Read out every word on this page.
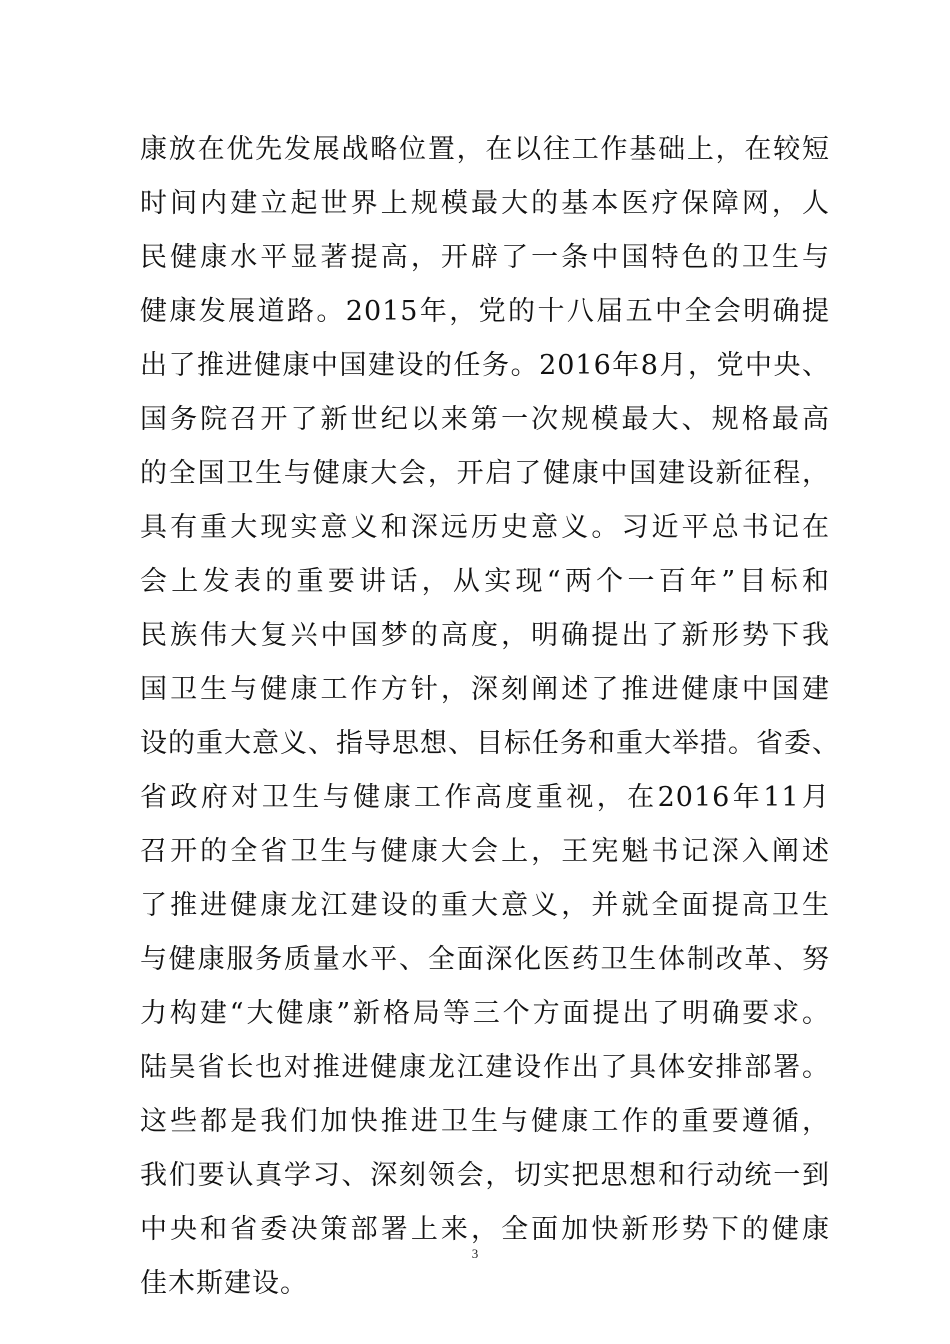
康放在优先发展战略位置，在以往工作基础上，在较短
时间内建立起世界上规模最大的基本医疗保障网，人
民健康水平显著提高，开辟了一条中国特色的卫生与
健康发展道路。2015年，党的十八届五中全会明确提
出了推进健康中国建设的任务。2016年8月，党中央、
国务院召开了新世纪以来第一次规模最大、规格最高
的全国卫生与健康大会，开启了健康中国建设新征程，
具有重大现实意义和深远历史意义。习近平总书记在
会上发表的重要讲话，从实现“两个一百年”目标和
民族伟大复兴中国梦的高度，明确提出了新形势下我
国卫生与健康工作方针，深刻阐述了推进健康中国建
设的重大意义、指导思想、目标任务和重大举措。省委、
省政府对卫生与健康工作高度重视，在2016年11月
召开的全省卫生与健康大会上，王宪魁书记深入阐述
了推进健康龙江建设的重大意义，并就全面提高卫生
与健康服务质量水平、全面深化医药卫生体制改革、努
力构建“大健康”新格局等三个方面提出了明确要求。
陆昊省长也对推进健康龙江建设作出了具体安排部署。
这些都是我们加快推进卫生与健康工作的重要遵循，
我们要认真学习、深刻领会，切实把思想和行动统一到
中央和省委决策部署上来，全面加快新形势下的健康
佳木斯建设。
3
